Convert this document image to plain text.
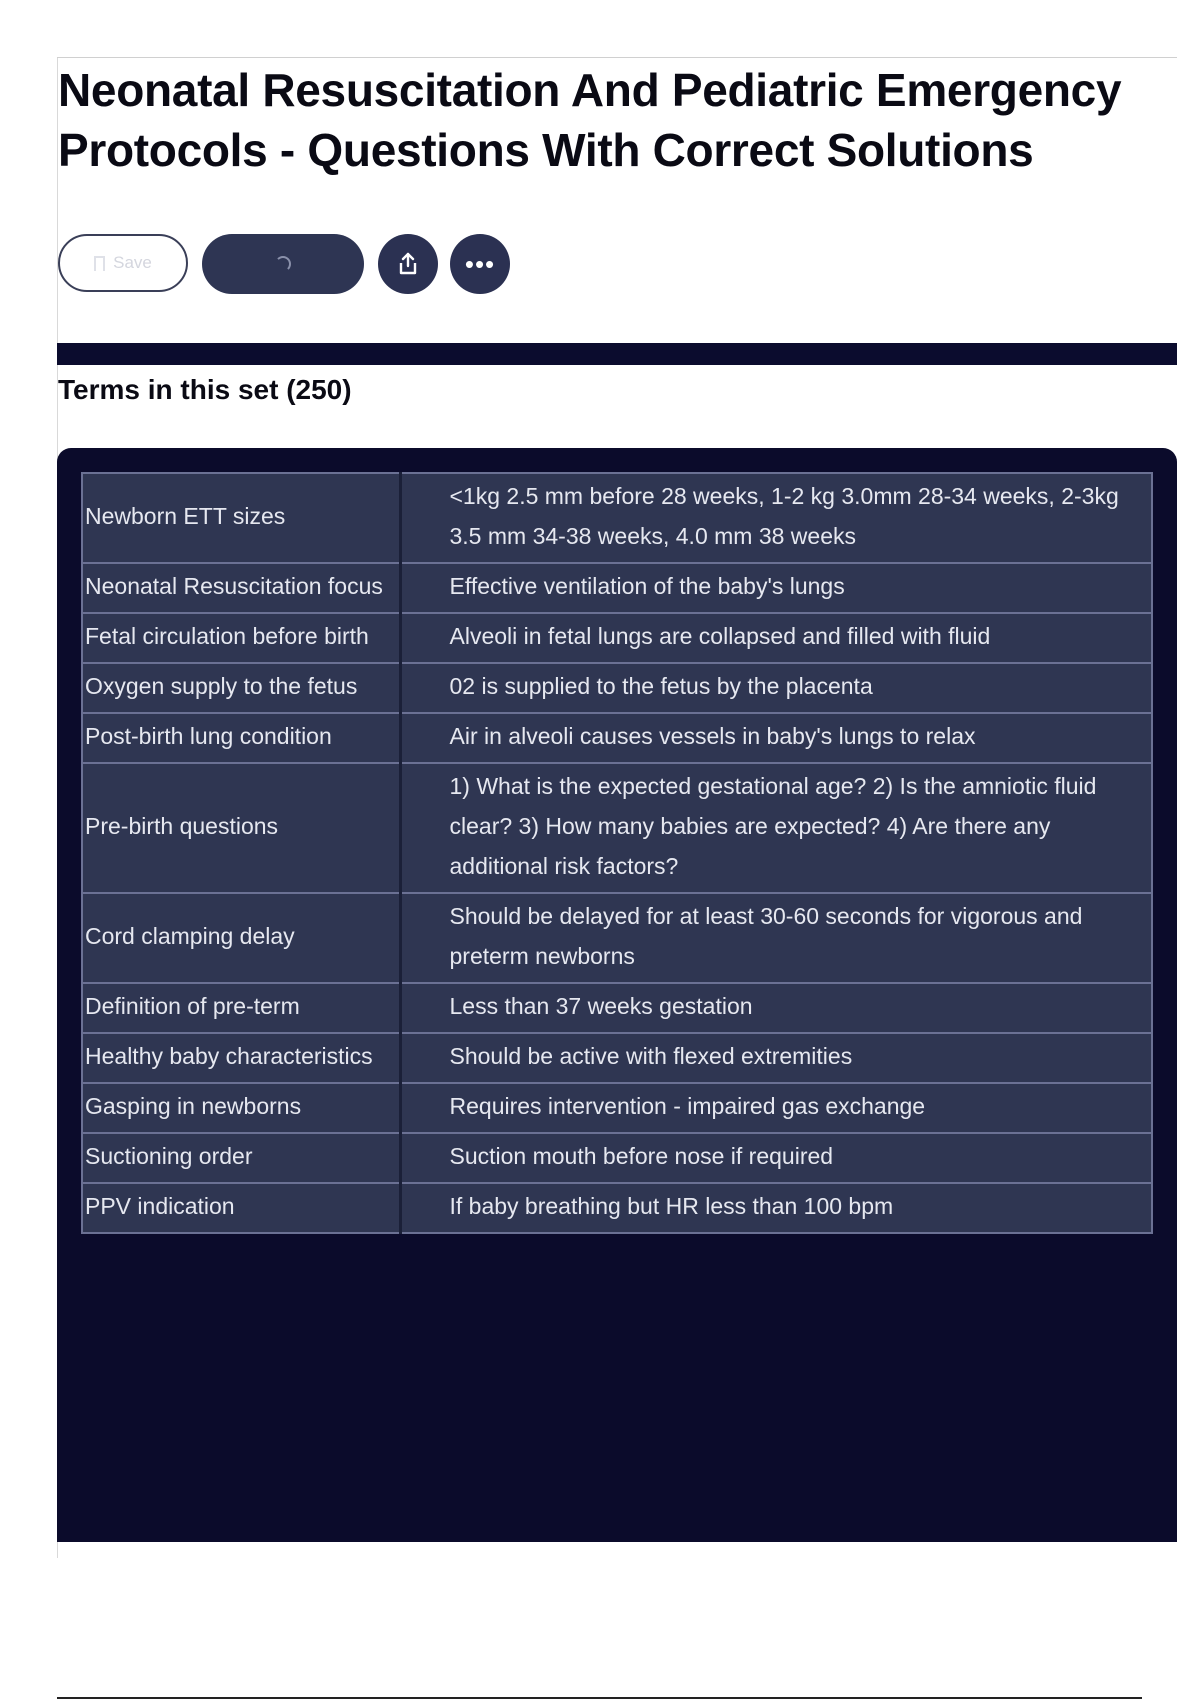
Neonatal Resuscitation And Pediatric Emergency Protocols - Questions With Correct Solutions
Save	•••
Terms in this set (250)
Newborn ETT sizes	<1kg 2.5 mm before 28 weeks, 1-2 kg 3.0mm 28-34 weeks, 2-3kg 3.5 mm 34-38 weeks, 4.0 mm 38 weeks
Neonatal Resuscitation focus	Effective ventilation of the baby's lungs
Fetal circulation before birth	Alveoli in fetal lungs are collapsed and filled with fluid
Oxygen supply to the fetus	02 is supplied to the fetus by the placenta
Post-birth lung condition	Air in alveoli causes vessels in baby's lungs to relax
Pre-birth questions	1) What is the expected gestational age? 2) Is the amniotic fluid clear? 3) How many babies are expected? 4) Are there any additional risk factors?
Cord clamping delay	Should be delayed for at least 30-60 seconds for vigorous and preterm newborns
Definition of pre-term	Less than 37 weeks gestation
Healthy baby characteristics	Should be active with flexed extremities
Gasping in newborns	Requires intervention - impaired gas exchange
Suctioning order	Suction mouth before nose if required
PPV indication	If baby breathing but HR less than 100 bpm
